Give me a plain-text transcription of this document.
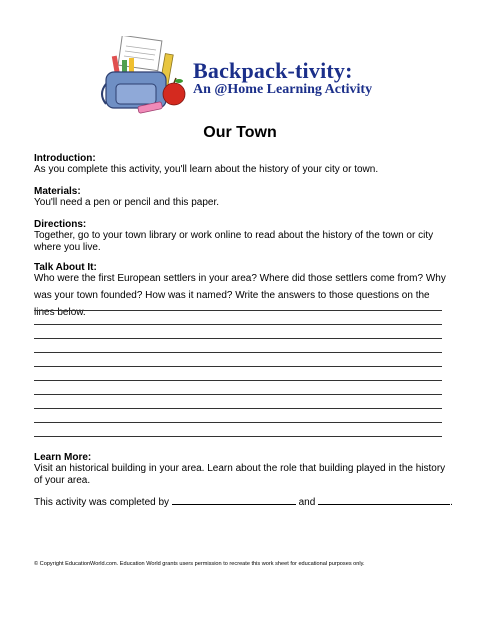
Backpack-tivity:
An @Home Learning Activity
Our Town
Introduction:
As you complete this activity, you'll learn about the history of your city or town.
Materials:
You'll need a pen or pencil and this paper.
Directions:
Together, go to your town library or work online to read about the history of the town or city where you live.
Talk About It:
Who were the first European settlers in your area? Where did those settlers come from? Why was your town founded? How was it named? Write the answers to those questions on the lines below.
Learn More:
Visit an historical building in your area. Learn about the role that building played in the history of your area.
This activity was completed by	and	.
© Copyright EducationWorld.com. Education World grants users permission to recreate this work sheet for educational purposes only.
